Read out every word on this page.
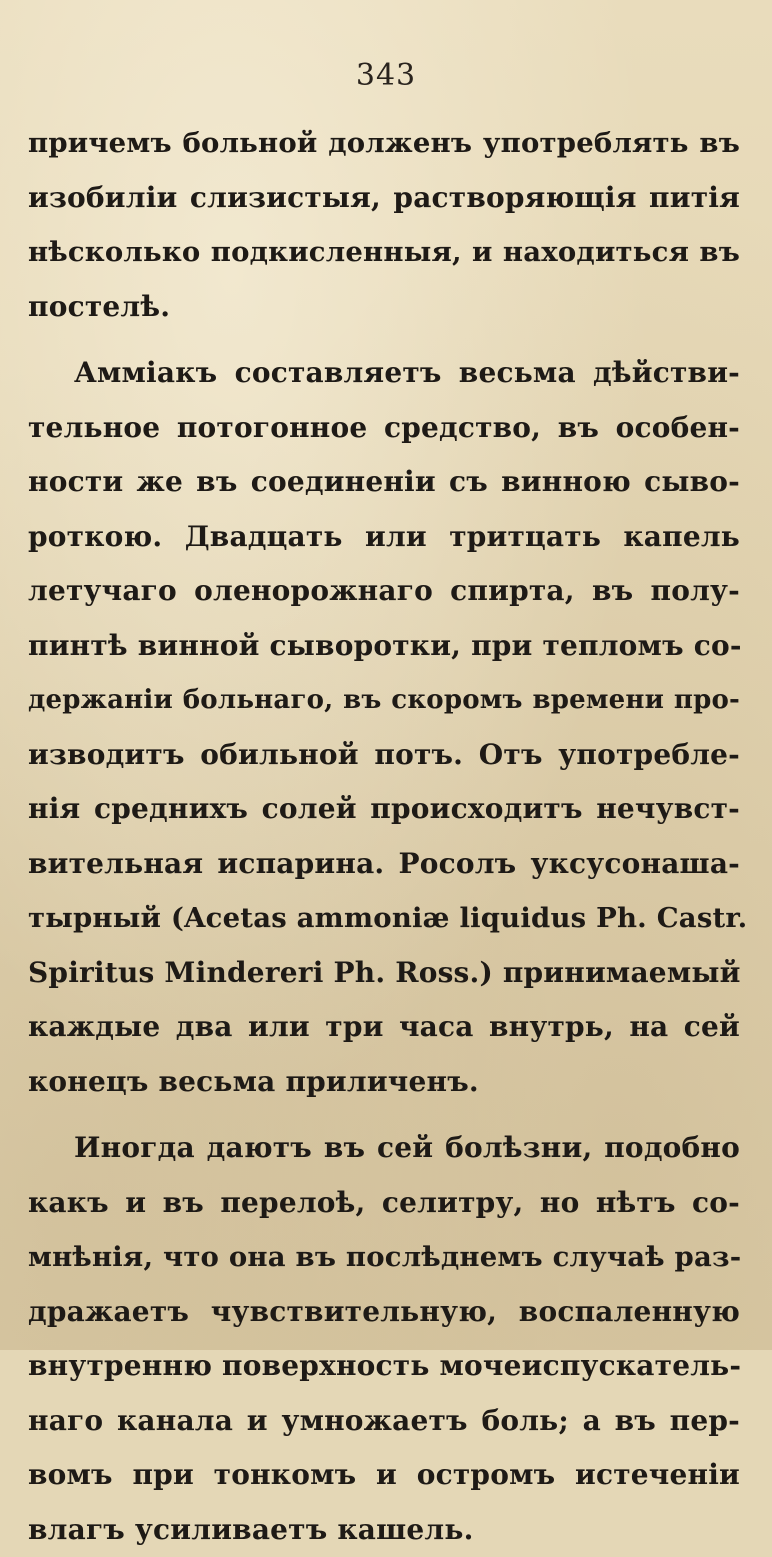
343
причемъ больной долженъ употреблять въ
изобиліи слизистыя, растворяющія питія
нѣсколько подкисленныя, и находиться въ
постелѣ.
Амміакъ составляетъ весьма дѣйстви-
тельное потогонное средство, въ особен-
ности же въ соединеніи съ винною сыво-
роткою. Двадцать или тритцать капель
летучаго оленорожнаго спирта, въ полу-
пинтѣ винной сыворотки, при тепломъ со-
держаніи больнаго, въ скоромъ времени про-
изводитъ обильной потъ. Отъ употребле-
нія среднихъ солей происходитъ нечувст-
вительная испарина. Росолъ уксусонаша-
тырный (Acetas ammoniæ liquidus Ph. Castr.
Spiritus Mindereri Ph. Ross.) принимаемый
каждые два или три часа внутрь, на сей
конецъ весьма приличенъ.
Иногда даютъ въ сей болѣзни, подобно
какъ и въ перелоѣ, селитру, но нѣтъ со-
мнѣнія, что она въ послѣднемъ случаѣ раз-
дражаетъ чувствительную, воспаленную
внутренню поверхность мочеиспускатель-
наго канала и умножаетъ боль; а въ пер-
вомъ при тонкомъ и остромъ истеченіи
влагъ усиливаетъ кашель.
